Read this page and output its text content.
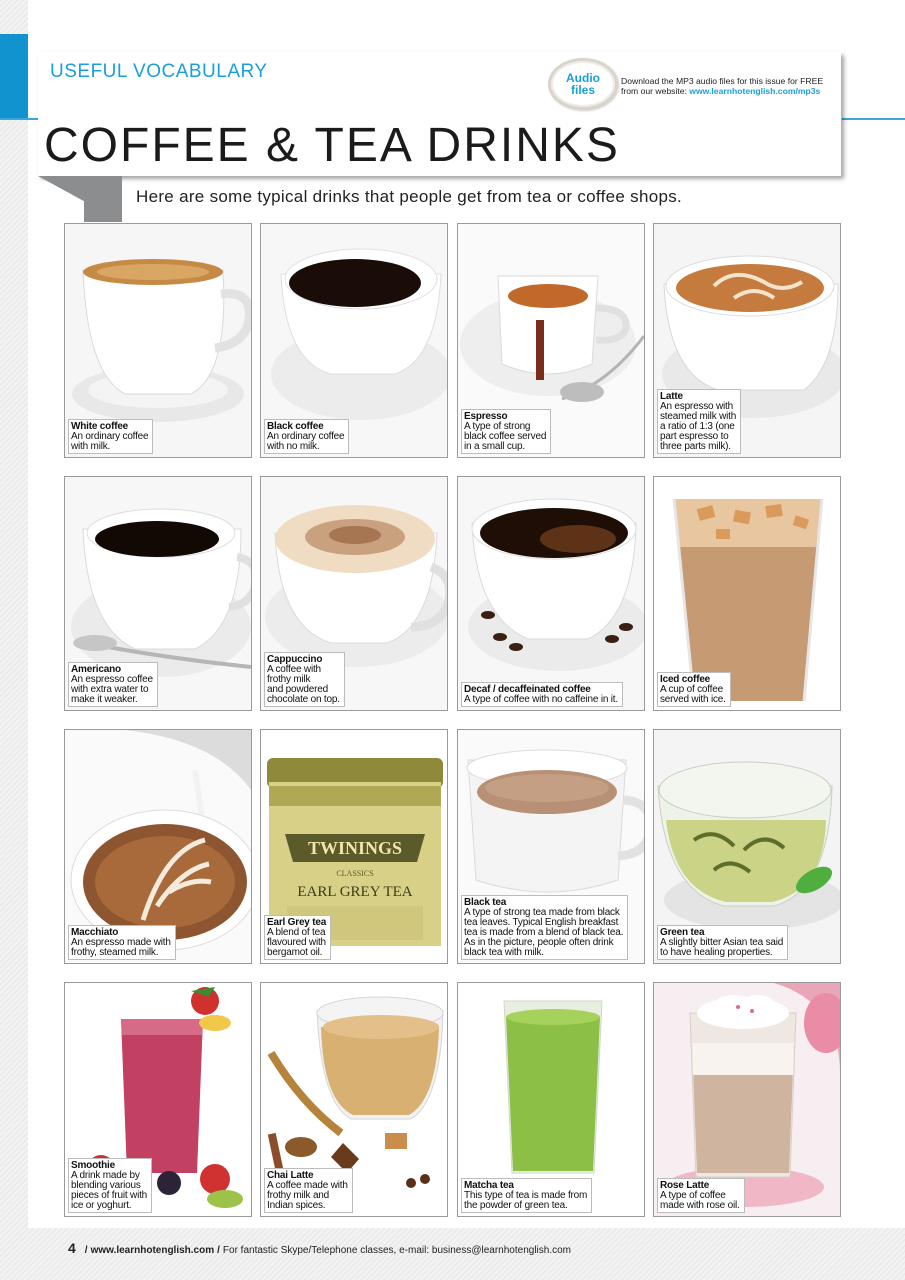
USEFUL VOCABULARY
COFFEE & TEA DRINKS
Audio
files
Download the MP3 audio files for this issue for FREE from our website: www.learnhotenglish.com/mp3s
Here are some typical drinks that people get from tea or coffee shops.
White coffee
An ordinary coffee
with milk.
Black coffee
An ordinary coffee
with no milk.
Espresso
A type of strong
black coffee served
in a small cup.
Latte
An espresso with
steamed milk with
a ratio of 1:3 (one
part espresso to
three parts milk).
Americano
An espresso coffee
with extra water to
make it weaker.
Cappuccino
A coffee with
frothy milk
and powdered
chocolate on top.
Decaf / decaffeinated coffee
A type of coffee with no caffeine in it.
Iced coffee
A cup of coffee
served with ice.
Macchiato
An espresso made with
frothy, steamed milk.
TWININGS
CLASSICS
EARL GREY TEA
Earl Grey tea
A blend of tea
flavoured with
bergamot oil.
Black tea
A type of strong tea made from black
tea leaves. Typical English breakfast
tea is made from a blend of black tea.
As in the picture, people often drink
black tea with milk.
Green tea
A slightly bitter Asian tea said
to have healing properties.
Smoothie
A drink made by
blending various
pieces of fruit with
ice or yoghurt.
Chai Latte
A coffee made with
frothy milk and
Indian spices.
Matcha tea
This type of tea is made from
the powder of green tea.
Rose Latte
A type of coffee
made with rose oil.
4 / www.learnhotenglish.com / For fantastic Skype/Telephone classes, e-mail: business@learnhotenglish.com
